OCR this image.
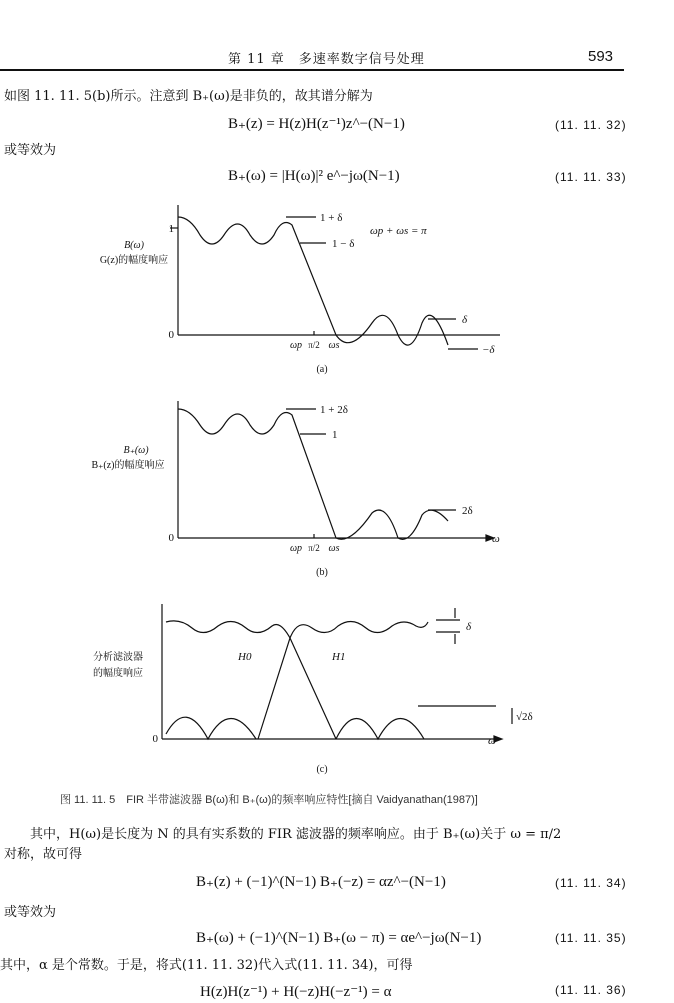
第 11 章　多速率数字信号处理	593
如图 11. 11. 5(b)所示。注意到 B₊(ω)是非负的，故其谱分解为
B₊(z) = H(z)H(z⁻¹)z^−(N−1)	(11. 11. 32)
或等效为
B₊(ω) = |H(ω)|² e^−jω(N−1)	(11. 11. 33)
1
0
B(ω)
G(z)的幅度响应
1 + δ
1 − δ
ωp + ωs = π
δ
−δ
ωp π/2 ωs
(a)
0
B₊(ω)
B₊(z)的幅度响应
1 + 2δ
1
2δ
ω
ωp π/2 ωs
(b)
0
分析滤波器
的幅度响应
H0	H1
δ
√2δ
ω
(c)
图 11. 11. 5　FIR 半带滤波器 B(ω)和 B₊(ω)的频率响应特性[摘自 Vaidyanathan(1987)]
其中，H(ω)是长度为 N 的具有实系数的 FIR 滤波器的频率响应。由于 B₊(ω)关于 ω = π/2
对称，故可得
B₊(z) + (−1)^(N−1) B₊(−z) = αz^−(N−1)	(11. 11. 34)
或等效为
B₊(ω) + (−1)^(N−1) B₊(ω − π) = αe^−jω(N−1)	(11. 11. 35)
其中，α 是个常数。于是，将式(11. 11. 32)代入式(11. 11. 34)，可得
H(z)H(z⁻¹) + H(−z)H(−z⁻¹) = α	(11. 11. 36)
